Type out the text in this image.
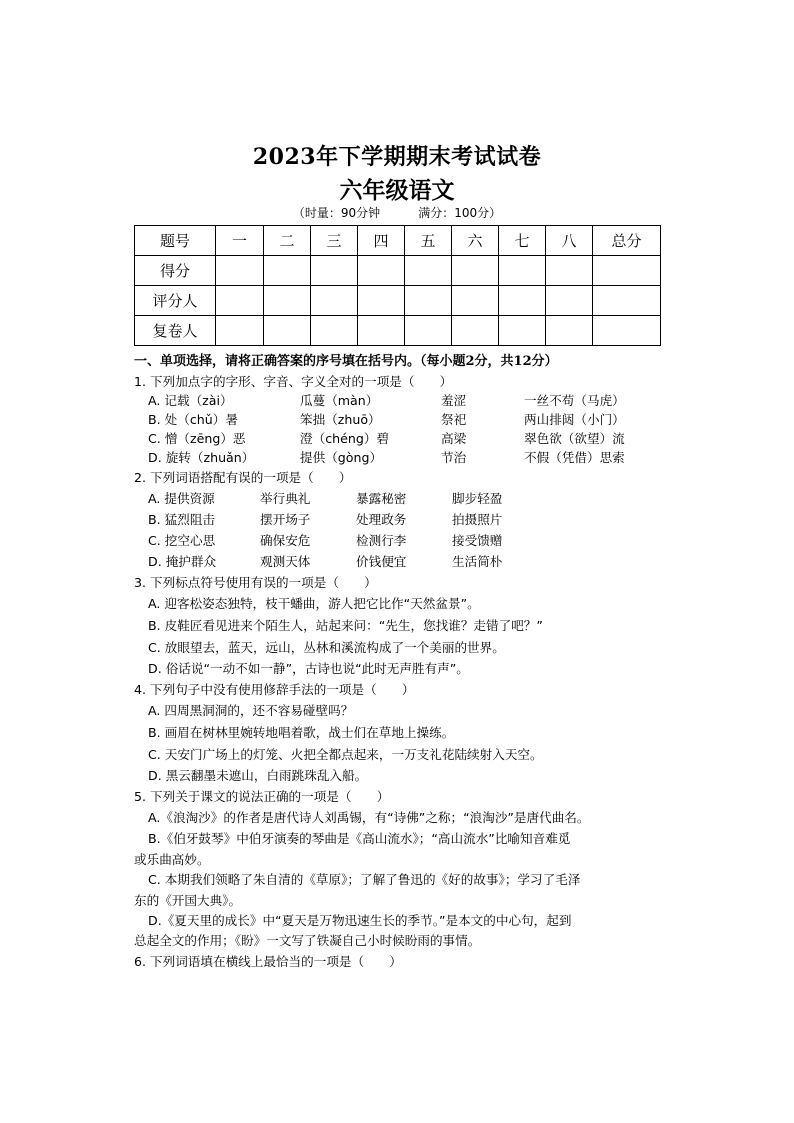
2023年下学期期末考试试卷
六年级语文
（时量：90分钟	满分：100分）
题号	一	二	三	四	五	六	七	八	总分
得分									
评分人									
复卷人									
一、单项选择，请将正确答案的序号填在括号内。（每小题2分，共12分）
1. 下列加点字的字形、字音、字义全对的一项是（　　）
A. 记载（zài）	瓜蔓（màn）	羞涩	一丝不苟（马虎）
B. 处（chǔ）暑	笨拙（zhuō）	祭祀	两山排闼（小门）
C. 憎（zēng）恶	澄（chéng）碧	高梁	翠色欲（欲望）流
D. 旋转（zhuǎn）	提供（gòng）	节治	不假（凭借）思索
2. 下列词语搭配有误的一项是（　　）
A. 提供资源	举行典礼	暴露秘密	脚步轻盈
B. 猛烈阻击	摆开场子	处理政务	拍摄照片
C. 挖空心思	确保安危	检测行李	接受馈赠
D. 掩护群众	观测天体	价钱便宜	生活简朴
3. 下列标点符号使用有误的一项是（　　）
A. 迎客松姿态独特，枝干蟠曲，游人把它比作“天然盆景”。
B. 皮鞋匠看见进来个陌生人，站起来问：“先生，您找谁？走错了吧？”
C. 放眼望去，蓝天，远山，丛林和溪流构成了一个美丽的世界。
D. 俗话说“一动不如一静”，古诗也说“此时无声胜有声”。
4. 下列句子中没有使用修辞手法的一项是（　　）
A. 四周黑洞洞的，还不容易碰壁吗？
B. 画眉在树林里婉转地唱着歌，战士们在草地上操练。
C. 天安门广场上的灯笼、火把全都点起来，一万支礼花陆续射入天空。
D. 黑云翻墨未遮山，白雨跳珠乱入船。
5. 下列关于课文的说法正确的一项是（　　）
A.《浪淘沙》的作者是唐代诗人刘禹锡，有“诗佛”之称；“浪淘沙”是唐代曲名。
B.《伯牙鼓琴》中伯牙演奏的琴曲是《高山流水》；“高山流水”比喻知音难觅
或乐曲高妙。
C. 本期我们领略了朱自清的《草原》；了解了鲁迅的《好的故事》；学习了毛泽
东的《开国大典》。
D.《夏天里的成长》中“夏天是万物迅速生长的季节。”是本文的中心句，起到
总起全文的作用；《盼》一文写了铁凝自己小时候盼雨的事情。
6. 下列词语填在横线上最恰当的一项是（　　）
